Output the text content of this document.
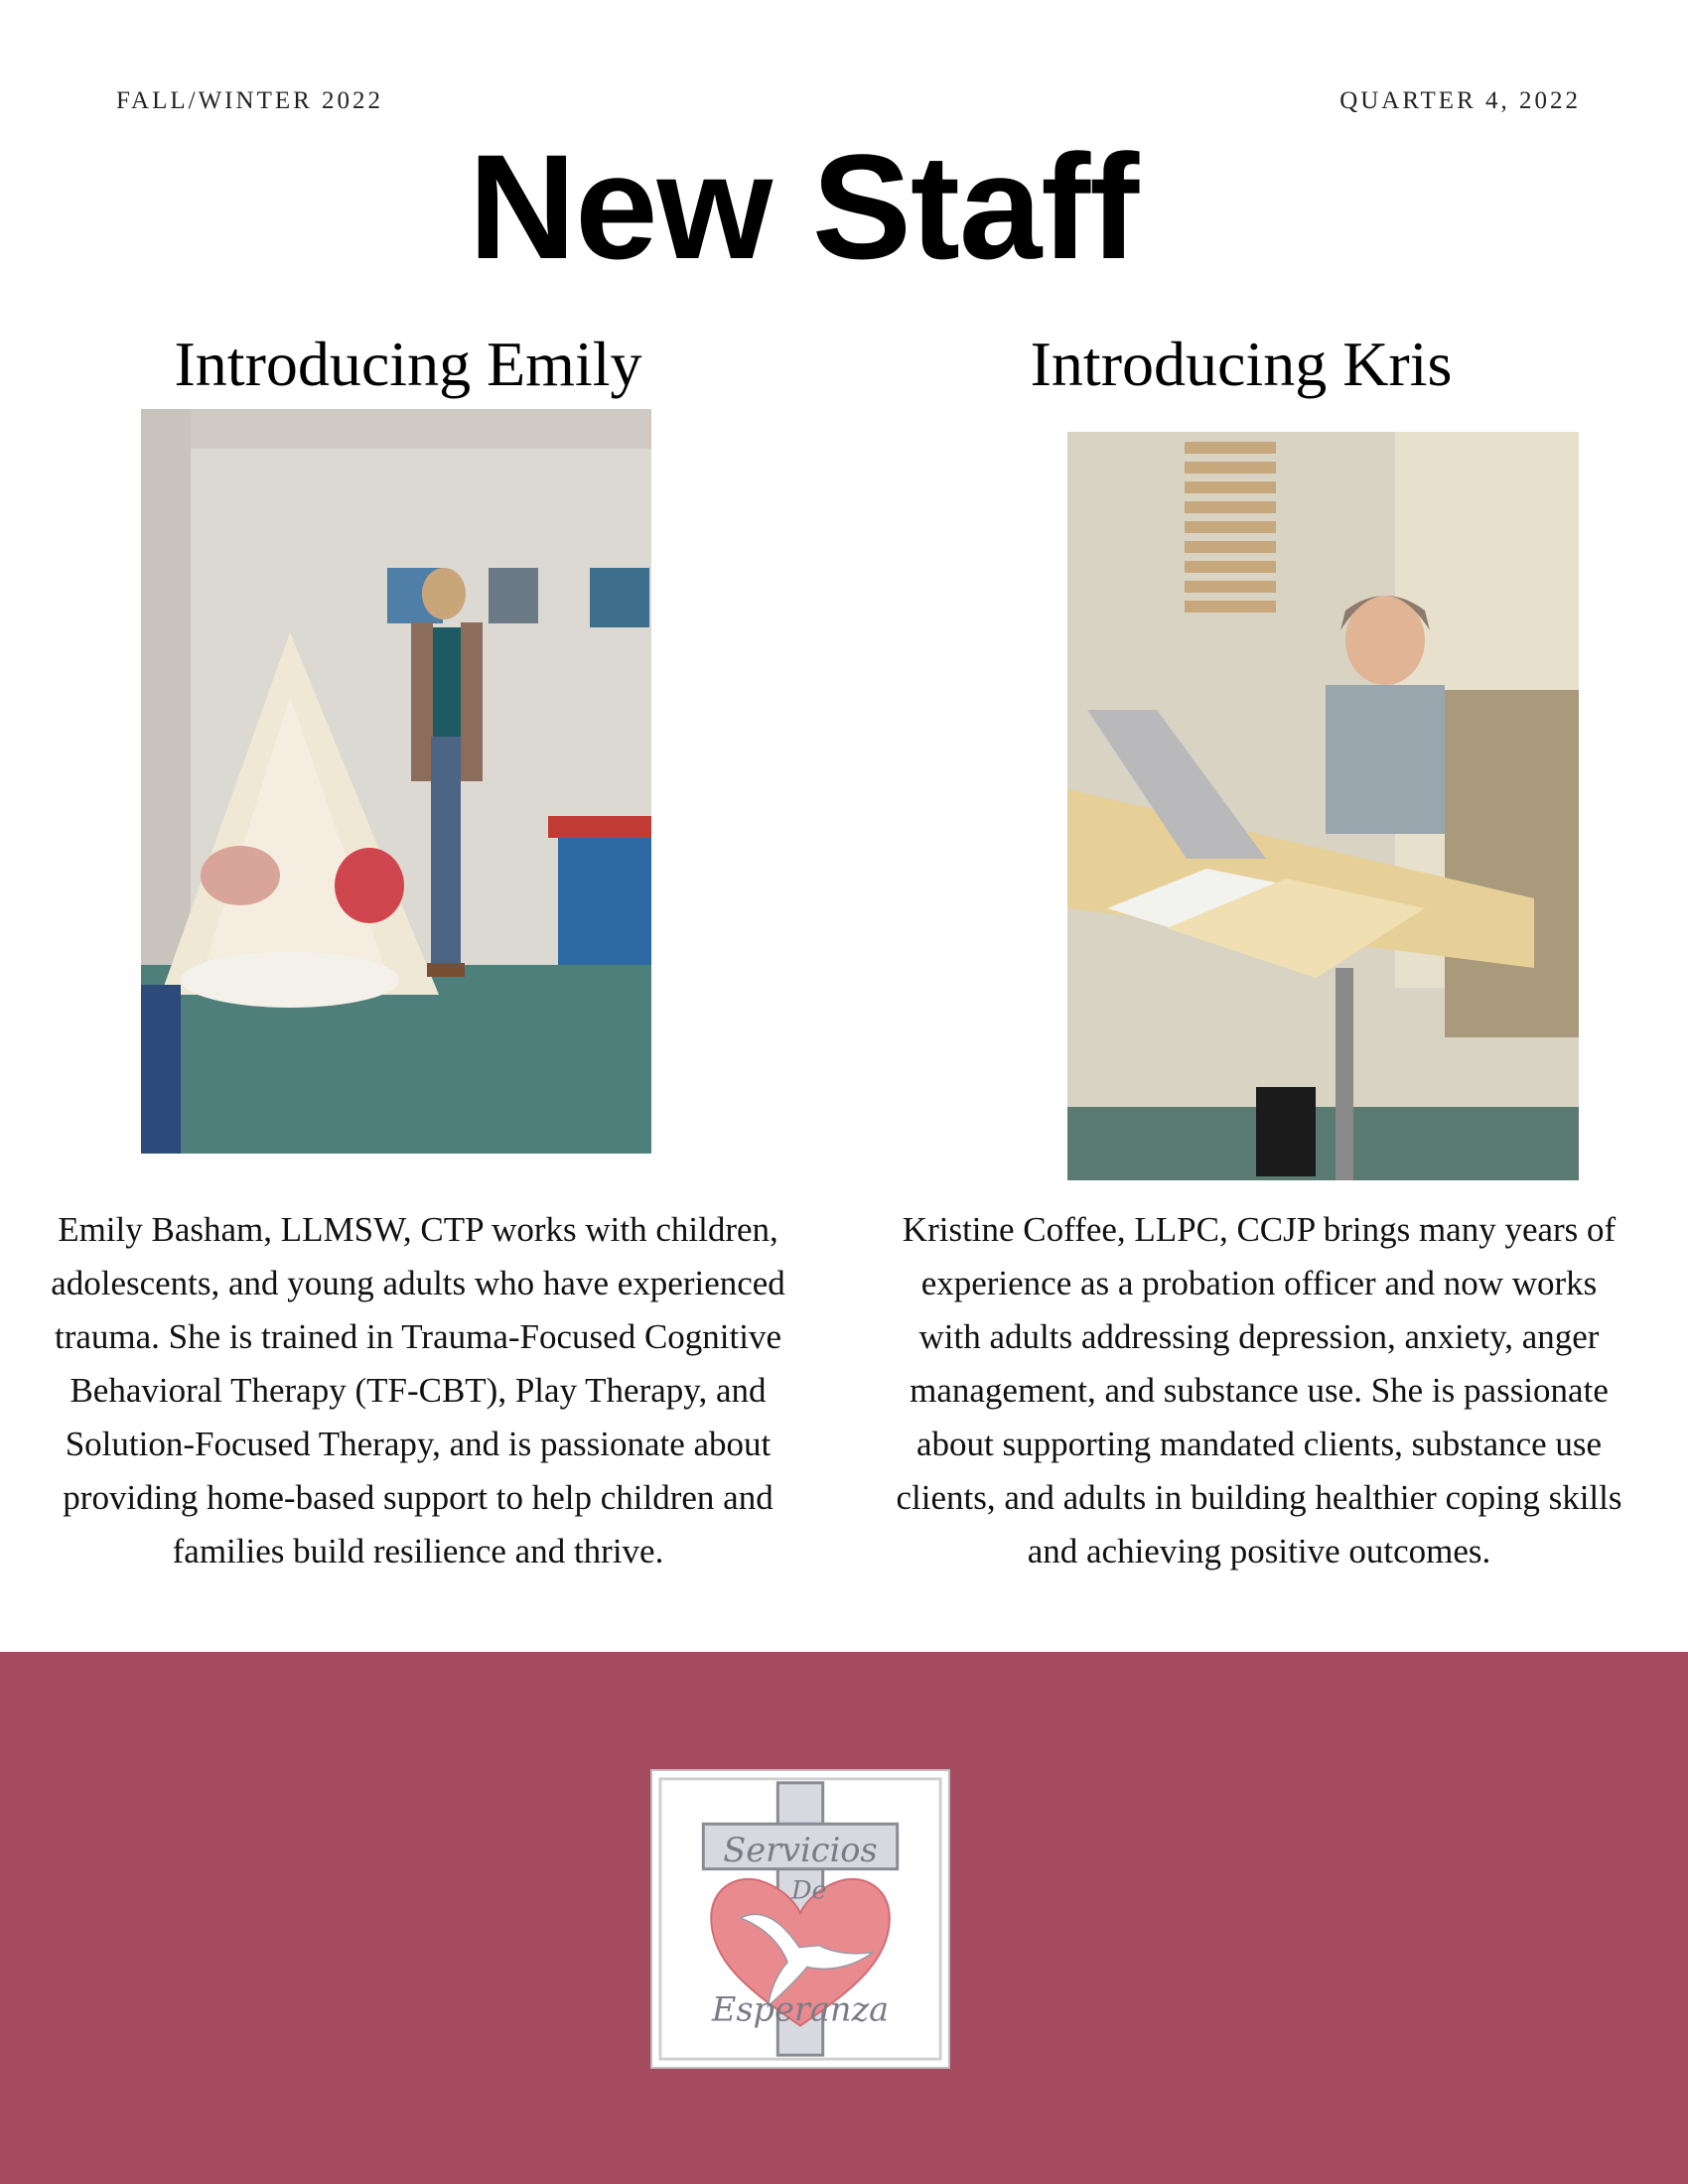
FALL/WINTER 2022	QUARTER 4, 2022
New Staff
Introducing Emily	Introducing Kris
Emily Basham, LLMSW, CTP works with children, adolescents, and young adults who have experienced trauma. She is trained in Trauma-Focused Cognitive Behavioral Therapy (TF-CBT), Play Therapy, and Solution-Focused Therapy, and is passionate about providing home-based support to help children and families build resilience and thrive.
Kristine Coffee, LLPC, CCJP brings many years of experience as a probation officer and now works with adults addressing depression, anxiety, anger management, and substance use. She is passionate about supporting mandated clients, substance use clients, and adults in building healthier coping skills and achieving positive outcomes.
Servicios
De
Esperanza
